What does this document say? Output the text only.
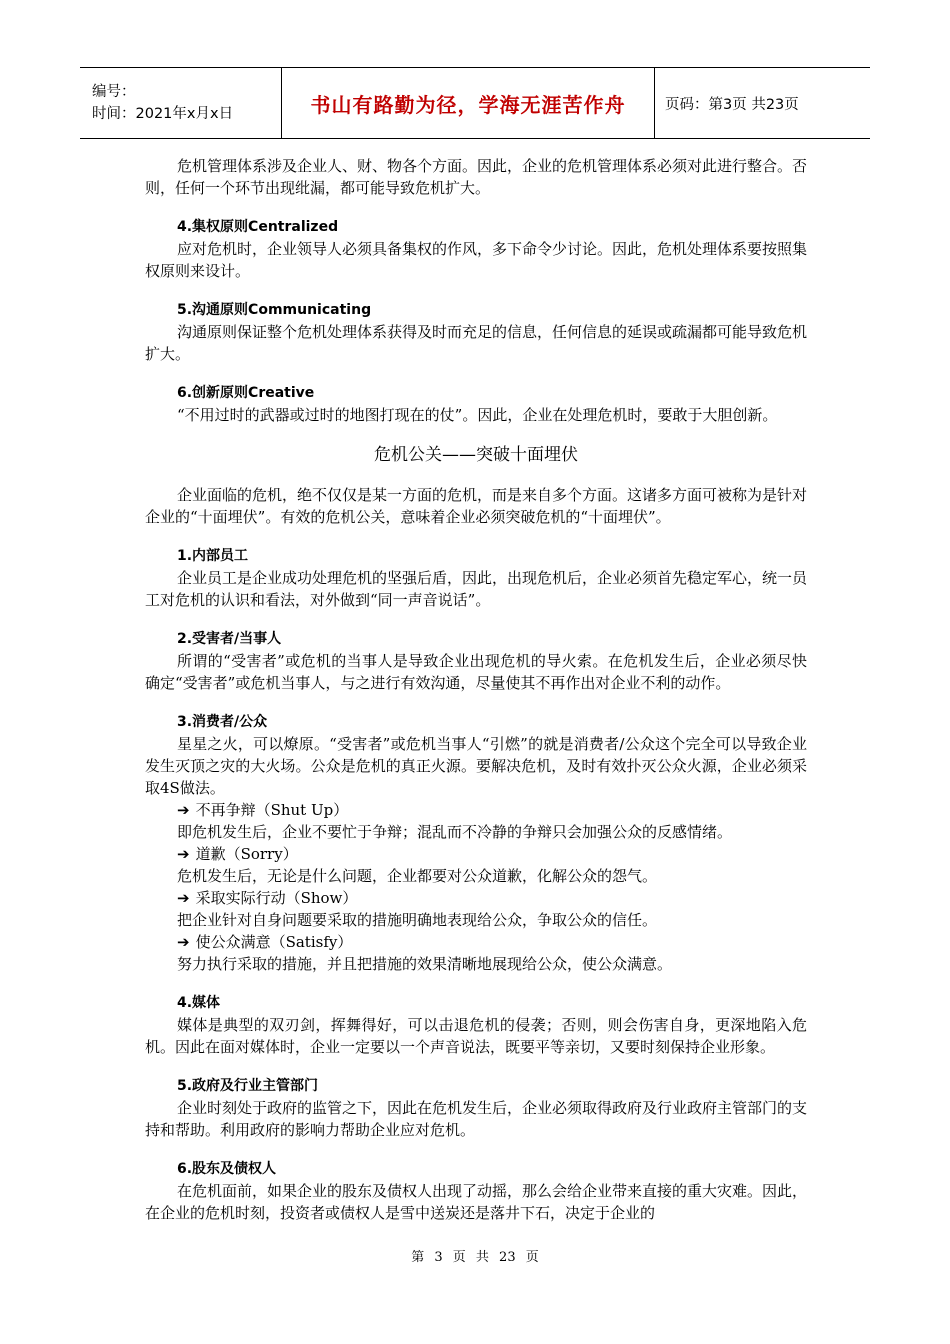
编号：
时间：2021年x月x日	书山有路勤为径，学海无涯苦作舟	页码：第3页 共23页

危机管理体系涉及企业人、财、物各个方面。因此，企业的危机管理体系必须对此进行整合。否则，任何一个环节出现纰漏，都可能导致危机扩大。

4.集权原则Centralized

应对危机时，企业领导人必须具备集权的作风，多下命令少讨论。因此，危机处理体系要按照集权原则来设计。

5.沟通原则Communicating

沟通原则保证整个危机处理体系获得及时而充足的信息，任何信息的延误或疏漏都可能导致危机扩大。

6.创新原则Creative

“不用过时的武器或过时的地图打现在的仗”。因此，企业在处理危机时，要敢于大胆创新。

危机公关——突破十面埋伏

企业面临的危机，绝不仅仅是某一方面的危机，而是来自多个方面。这诸多方面可被称为是针对企业的“十面埋伏”。有效的危机公关，意味着企业必须突破危机的“十面埋伏”。

1.内部员工

企业员工是企业成功处理危机的坚强后盾，因此，出现危机后，企业必须首先稳定军心，统一员工对危机的认识和看法，对外做到“同一声音说话”。

2.受害者/当事人

所谓的“受害者”或危机的当事人是导致企业出现危机的导火索。在危机发生后，企业必须尽快确定“受害者”或危机当事人，与之进行有效沟通，尽量使其不再作出对企业不利的动作。

3.消费者/公众

星星之火，可以燎原。“受害者”或危机当事人“引燃”的就是消费者/公众这个完全可以导致企业发生灭顶之灾的大火场。公众是危机的真正火源。要解决危机，及时有效扑灭公众火源，企业必须采取4S做法。

➔ 不再争辩（Shut Up）

即危机发生后，企业不要忙于争辩；混乱而不冷静的争辩只会加强公众的反感情绪。

➔ 道歉（Sorry）

危机发生后，无论是什么问题，企业都要对公众道歉，化解公众的怨气。

➔ 采取实际行动（Show）

把企业针对自身问题要采取的措施明确地表现给公众，争取公众的信任。

➔ 使公众满意（Satisfy）

努力执行采取的措施，并且把措施的效果清晰地展现给公众，使公众满意。

4.媒体

媒体是典型的双刃剑，挥舞得好，可以击退危机的侵袭；否则，则会伤害自身，更深地陷入危机。因此在面对媒体时，企业一定要以一个声音说法，既要平等亲切，又要时刻保持企业形象。

5.政府及行业主管部门

企业时刻处于政府的监管之下，因此在危机发生后，企业必须取得政府及行业政府主管部门的支持和帮助。利用政府的影响力帮助企业应对危机。

6.股东及债权人

在危机面前，如果企业的股东及债权人出现了动摇，那么会给企业带来直接的重大灾难。因此，在企业的危机时刻，投资者或债权人是雪中送炭还是落井下石，决定于企业的

第 3 页 共 23 页
